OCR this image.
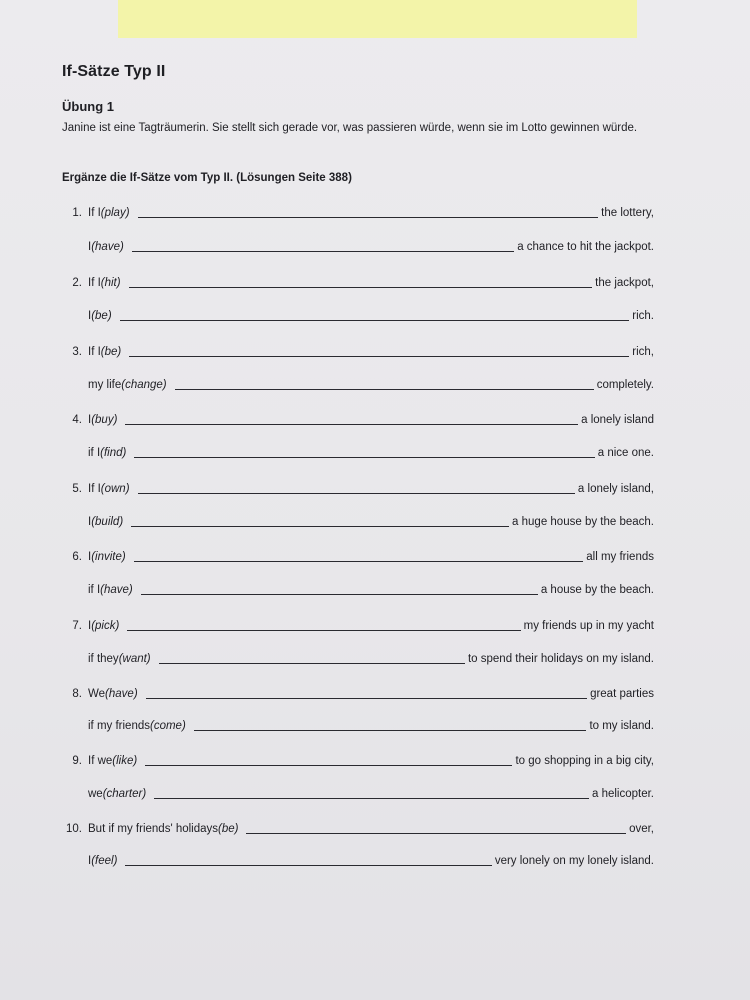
If-Sätze Typ II
Übung 1

Janine ist eine Tagträumerin. Sie stellt sich gerade vor, was passieren würde, wenn sie im Lotto gewinnen würde.

Ergänze die If-Sätze vom Typ II. (Lösungen Seite 388)

1. If I (play)	the lottery,
I (have)	a chance to hit the jackpot.
2. If I (hit)	the jackpot,
I (be)	rich.
3. If I (be)	rich,
my life (change)	completely.
4. I (buy)	a lonely island
if I (find)	a nice one.
5. If I (own)	a lonely island,
I (build)	a huge house by the beach.
6. I (invite)	all my friends
if I (have)	a house by the beach.
7. I (pick)	my friends up in my yacht
if they (want)	to spend their holidays on my island.
8. We (have)	great parties
if my friends (come)	to my island.
9. If we (like)	to go shopping in a big city,
we (charter)	a helicopter.
10. But if my friends' holidays (be)	over,
I (feel)	very lonely on my lonely island.
